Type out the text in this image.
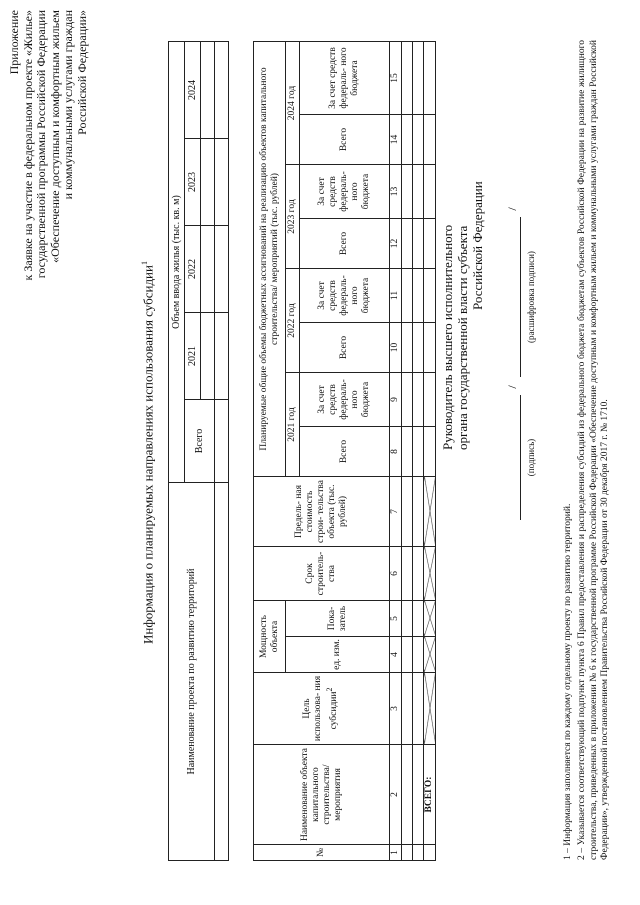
Приложение к Заявке на участие в федеральном проекте «Жилье» государственной программы Российской Федерации «Обеспечение доступным и комфортным жильем и коммунальными услугами граждан Российской Федерации»
Информация о планируемых направлениях использования субсидии$^1$
Наименование проекта по развитию территорий	Объем ввода жилья (тыс. кв. м)				
	Всего	2021	2022	2023	2024

№	Наименование объекта капитального строительства/ мероприятия	Цель использова- ния субсидии$^2$	Мощность объекта		Срок строитель- ства	Предель- ная стоимость строи- тельства объекта (тыс. рублей)	Планируемые общие объемы бюджетных ассигнований на реализацию объектов капитального строительства/ мероприятий (тыс. рублей)							
			ед. изм.	Пока- затель			2021 год		2022 год		2023 год		2024 год	
							Всего	За счет средств федераль- ного бюджета	Всего	За счет средств федераль- ного бюджета	Всего	За счет средств федераль- ного бюджета	Всего	За счет средств федераль- ного бюджета
1	2	3	4	5	6	7	8	9	10	11	12	13	14	15

	ВСЕГО:													
Руководитель высшего исполнительного органа государственной власти субъекта Российской Федерации
/
/
(подпись)
(расшифровка подписи)
1 – Информация заполняется по каждому отдельному проекту по развитию территорий. 2 – Указывается соответствующий подпункт пункта 6 Правил предоставления и распределения субсидий из федерального бюджета бюджетам субъектов Российской Федерации на развитие жилищного строительства, приведенных в приложении № 6 к государственной программе Российской Федерации «Обеспечение доступным и комфортным жильем и коммунальными услугами граждан Российской Федерации», утвержденной постановлением Правительства Российской Федерации от 30 декабря 2017 г. № 1710.
